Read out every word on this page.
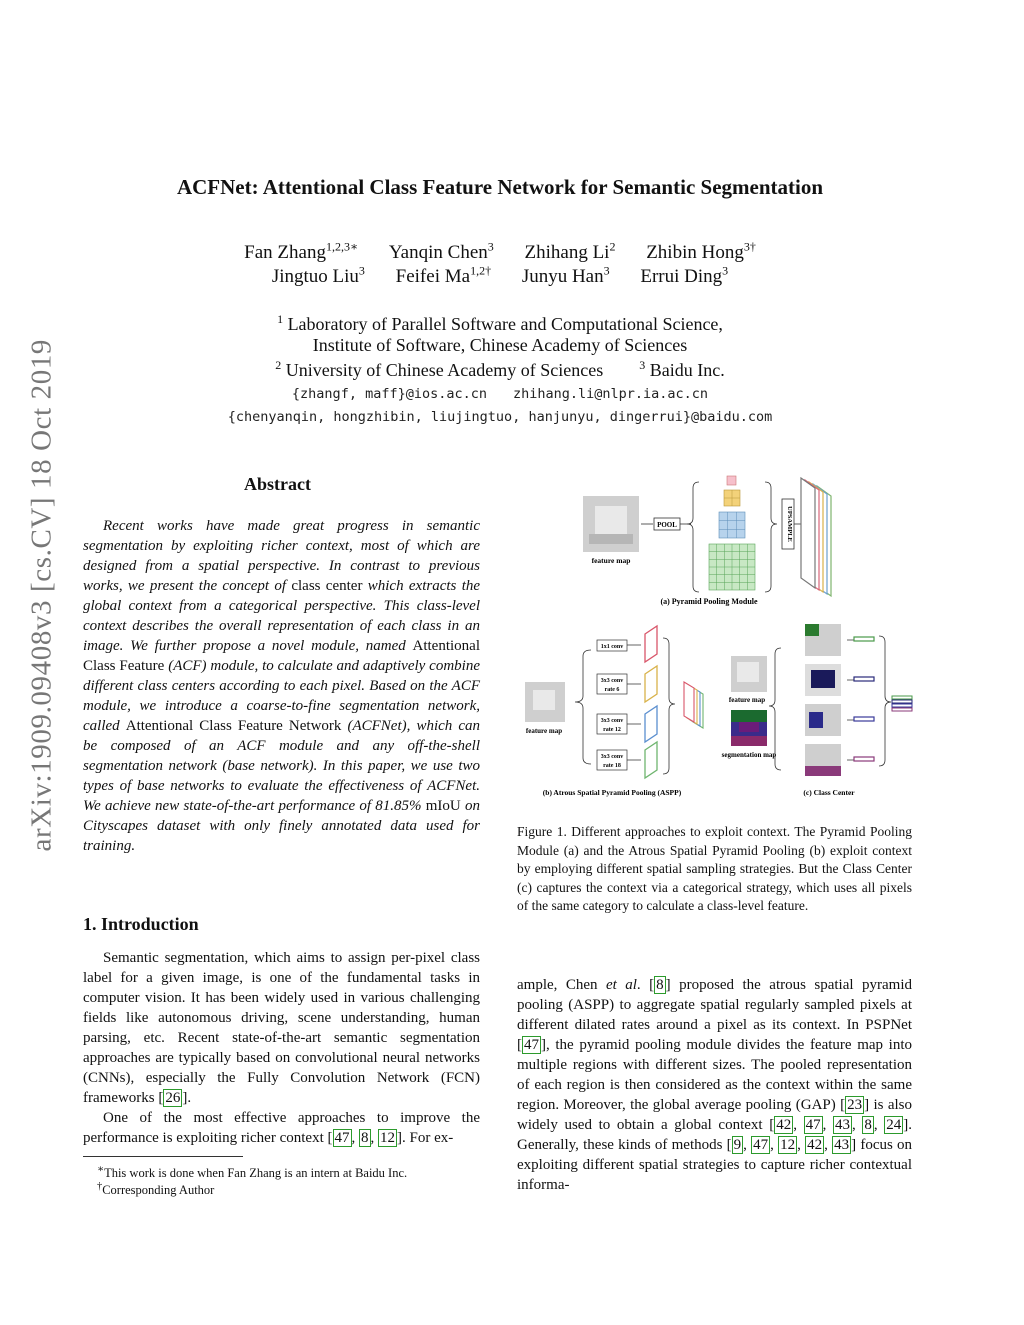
arXiv:1909.09408v3 [cs.CV] 18 Oct 2019
ACFNet: Attentional Class Feature Network for Semantic Segmentation
Fan Zhang$^{1,2,3∗}$ Yanqin Chen$^3$ Zhihang Li$^2$ Zhibin Hong$^{3\dagger}$
Jingtuo Liu$^3$ Feifei $Ma^{1,2\dagger}$ Junyu Han$^3$ Errui Ding$^3$
$^1$ Laboratory of Parallel Software and Computational Science,
Institute of Software, Chinese Academy of Sciences
$^2$ University of Chinese Academy of Sciences	$^3$ Baidu Inc.
{zhangf, maff}@ios.ac.cn zhihang.li@nlpr.ia.ac.cn
{chenyanqin, hongzhibin, liujingtuo, hanjunyu, dingerrui}@baidu.com
Abstract

Recent works have made great progress in semantic segmentation by exploiting richer context, most of which are designed from a spatial perspective. In contrast to previous works, we present the concept of class center which extracts the global context from a categorical perspective. This class-level context describes the overall representation of each class in an image. We further propose a novel module, named Attentional Class Feature (ACF) module, to calculate and adaptively combine different class centers according to each pixel. Based on the ACF module, we introduce a coarse-to-fine segmentation network, called Attentional Class Feature Network (ACFNet), which can be composed of an ACF module and any off-the-shell segmentation network (base network). In this paper, we use two types of base networks to evaluate the effectiveness of ACFNet. We achieve new state-of-the-art performance of 81.85% mIoU on Cityscapes dataset with only finely annotated data used for training.

1. Introduction

Semantic segmentation, which aims to assign per-pixel class label for a given image, is one of the fundamental tasks in computer vision. It has been widely used in various challenging fields like autonomous driving, scene understanding, human parsing, etc. Recent state-of-the-art semantic segmentation approaches are typically based on convolutional neural networks (CNNs), especially the Fully Convolution Network (FCN) frameworks [ 26 ].

One of the most effective approaches to improve the performance is exploiting richer context [ 47 , 8 , 12 ]. For ex-

∗This work is done when Fan Zhang is an intern at Baidu Inc.
†Corresponding Author
feature map
POOL	UPSAMPLE
(a) Pyramid Pooling Module
feature map
1x1 conv
3x3 conv
rate 6
3x3 conv
rate 12
3x3 conv
rate 18
(b) Atrous Spatial Pyramid Pooling (ASPP)
feature map
segmentation map
(c) Class Center
Figure 1. Different approaches to exploit context. The Pyramid Pooling Module (a) and the Atrous Spatial Pyramid Pooling (b) exploit context by employing different spatial sampling strategies. But the Class Center (c) captures the context via a categorical strategy, which uses all pixels of the same category to calculate a class-level feature.

ample, Chen et al. [ 8 ] proposed the atrous spatial pyramid pooling (ASPP) to aggregate spatial regularly sampled pixels at different dilated rates around a pixel as its context. In PSPNet [ 47 ], the pyramid pooling module divides the feature map into multiple regions with different sizes. The pooled representation of each region is then considered as the context within the same region. Moreover, the global average pooling (GAP) [ 23 ] is also widely used to obtain a global context [ 42 , 47 , 43 , 8 , 24 ]. Generally, these kinds of methods [ 9 , 47 , 12 , 42 , 43 ] focus on exploiting different spatial strategies to capture richer contextual informa-
